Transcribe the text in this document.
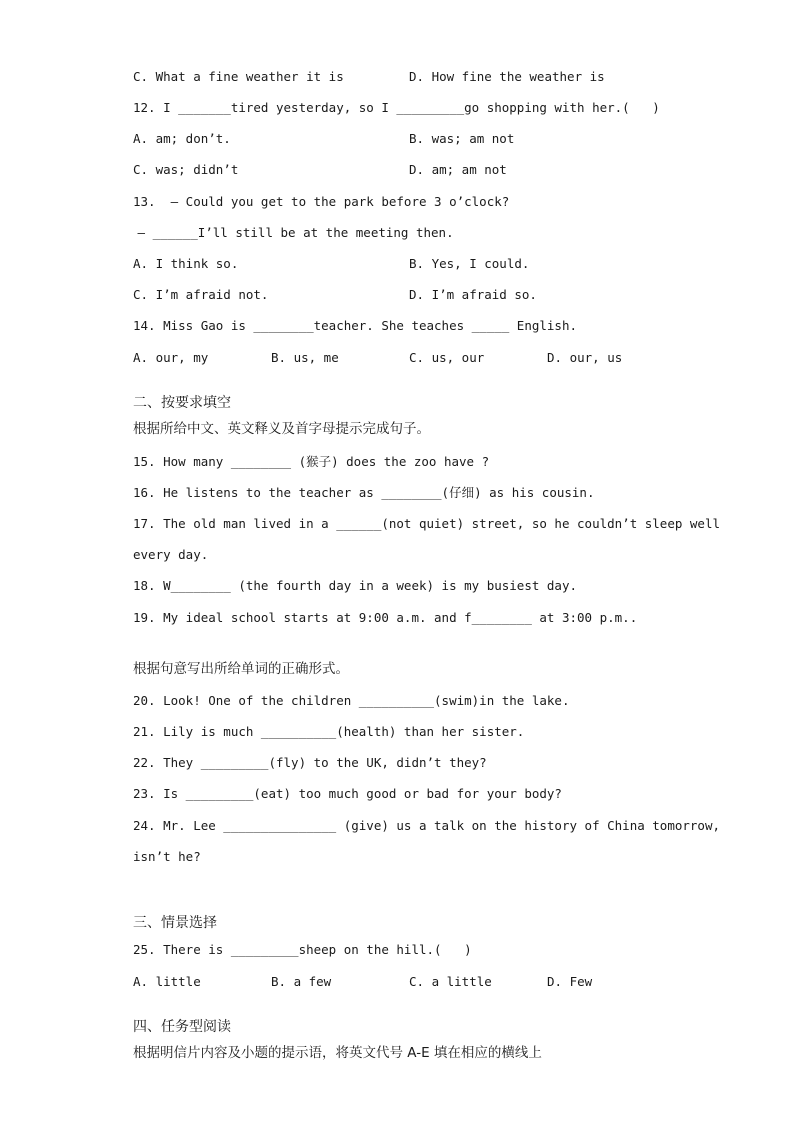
C. What a fine weather it is	D. How fine the weather is
12. I _______tired yesterday, so I _________go shopping with her.(   )
A. am; don’t.	B. was; am not
C. was; didn’t	D. am; am not
13.  — Could you get to the park before 3 o’clock?
— ______I’ll still be at the meeting then.
A. I think so.	B. Yes, I could.
C. I’m afraid not.	D. I’m afraid so.
14. Miss Gao is ________teacher. She teaches _____ English.
A. our, my	B. us, me	C. us, our	D. our, us
二、按要求填空
根据所给中文、英文释义及首字母提示完成句子。
15. How many ________ (猴子) does the zoo have ?
16. He listens to the teacher as ________(仔细) as his cousin.
17. The old man lived in a ______(not quiet) street, so he couldn’t sleep well
every day.
18. W________ (the fourth day in a week) is my busiest day.
19. My ideal school starts at 9:00 a.m. and f________ at 3:00 p.m..
根据句意写出所给单词的正确形式。
20. Look! One of the children __________(swim)in the lake.
21. Lily is much __________(health) than her sister.
22. They _________(fly) to the UK, didn’t they?
23. Is _________(eat) too much good or bad for your body?
24. Mr. Lee _______________ (give) us a talk on the history of China tomorrow,
isn’t he?
三、情景选择
25. There is _________sheep on the hill.(   )
A. little	B. a few	C. a little	D. Few
四、任务型阅读
根据明信片内容及小题的提示语，将英文代号 A-E 填在相应的横线上
